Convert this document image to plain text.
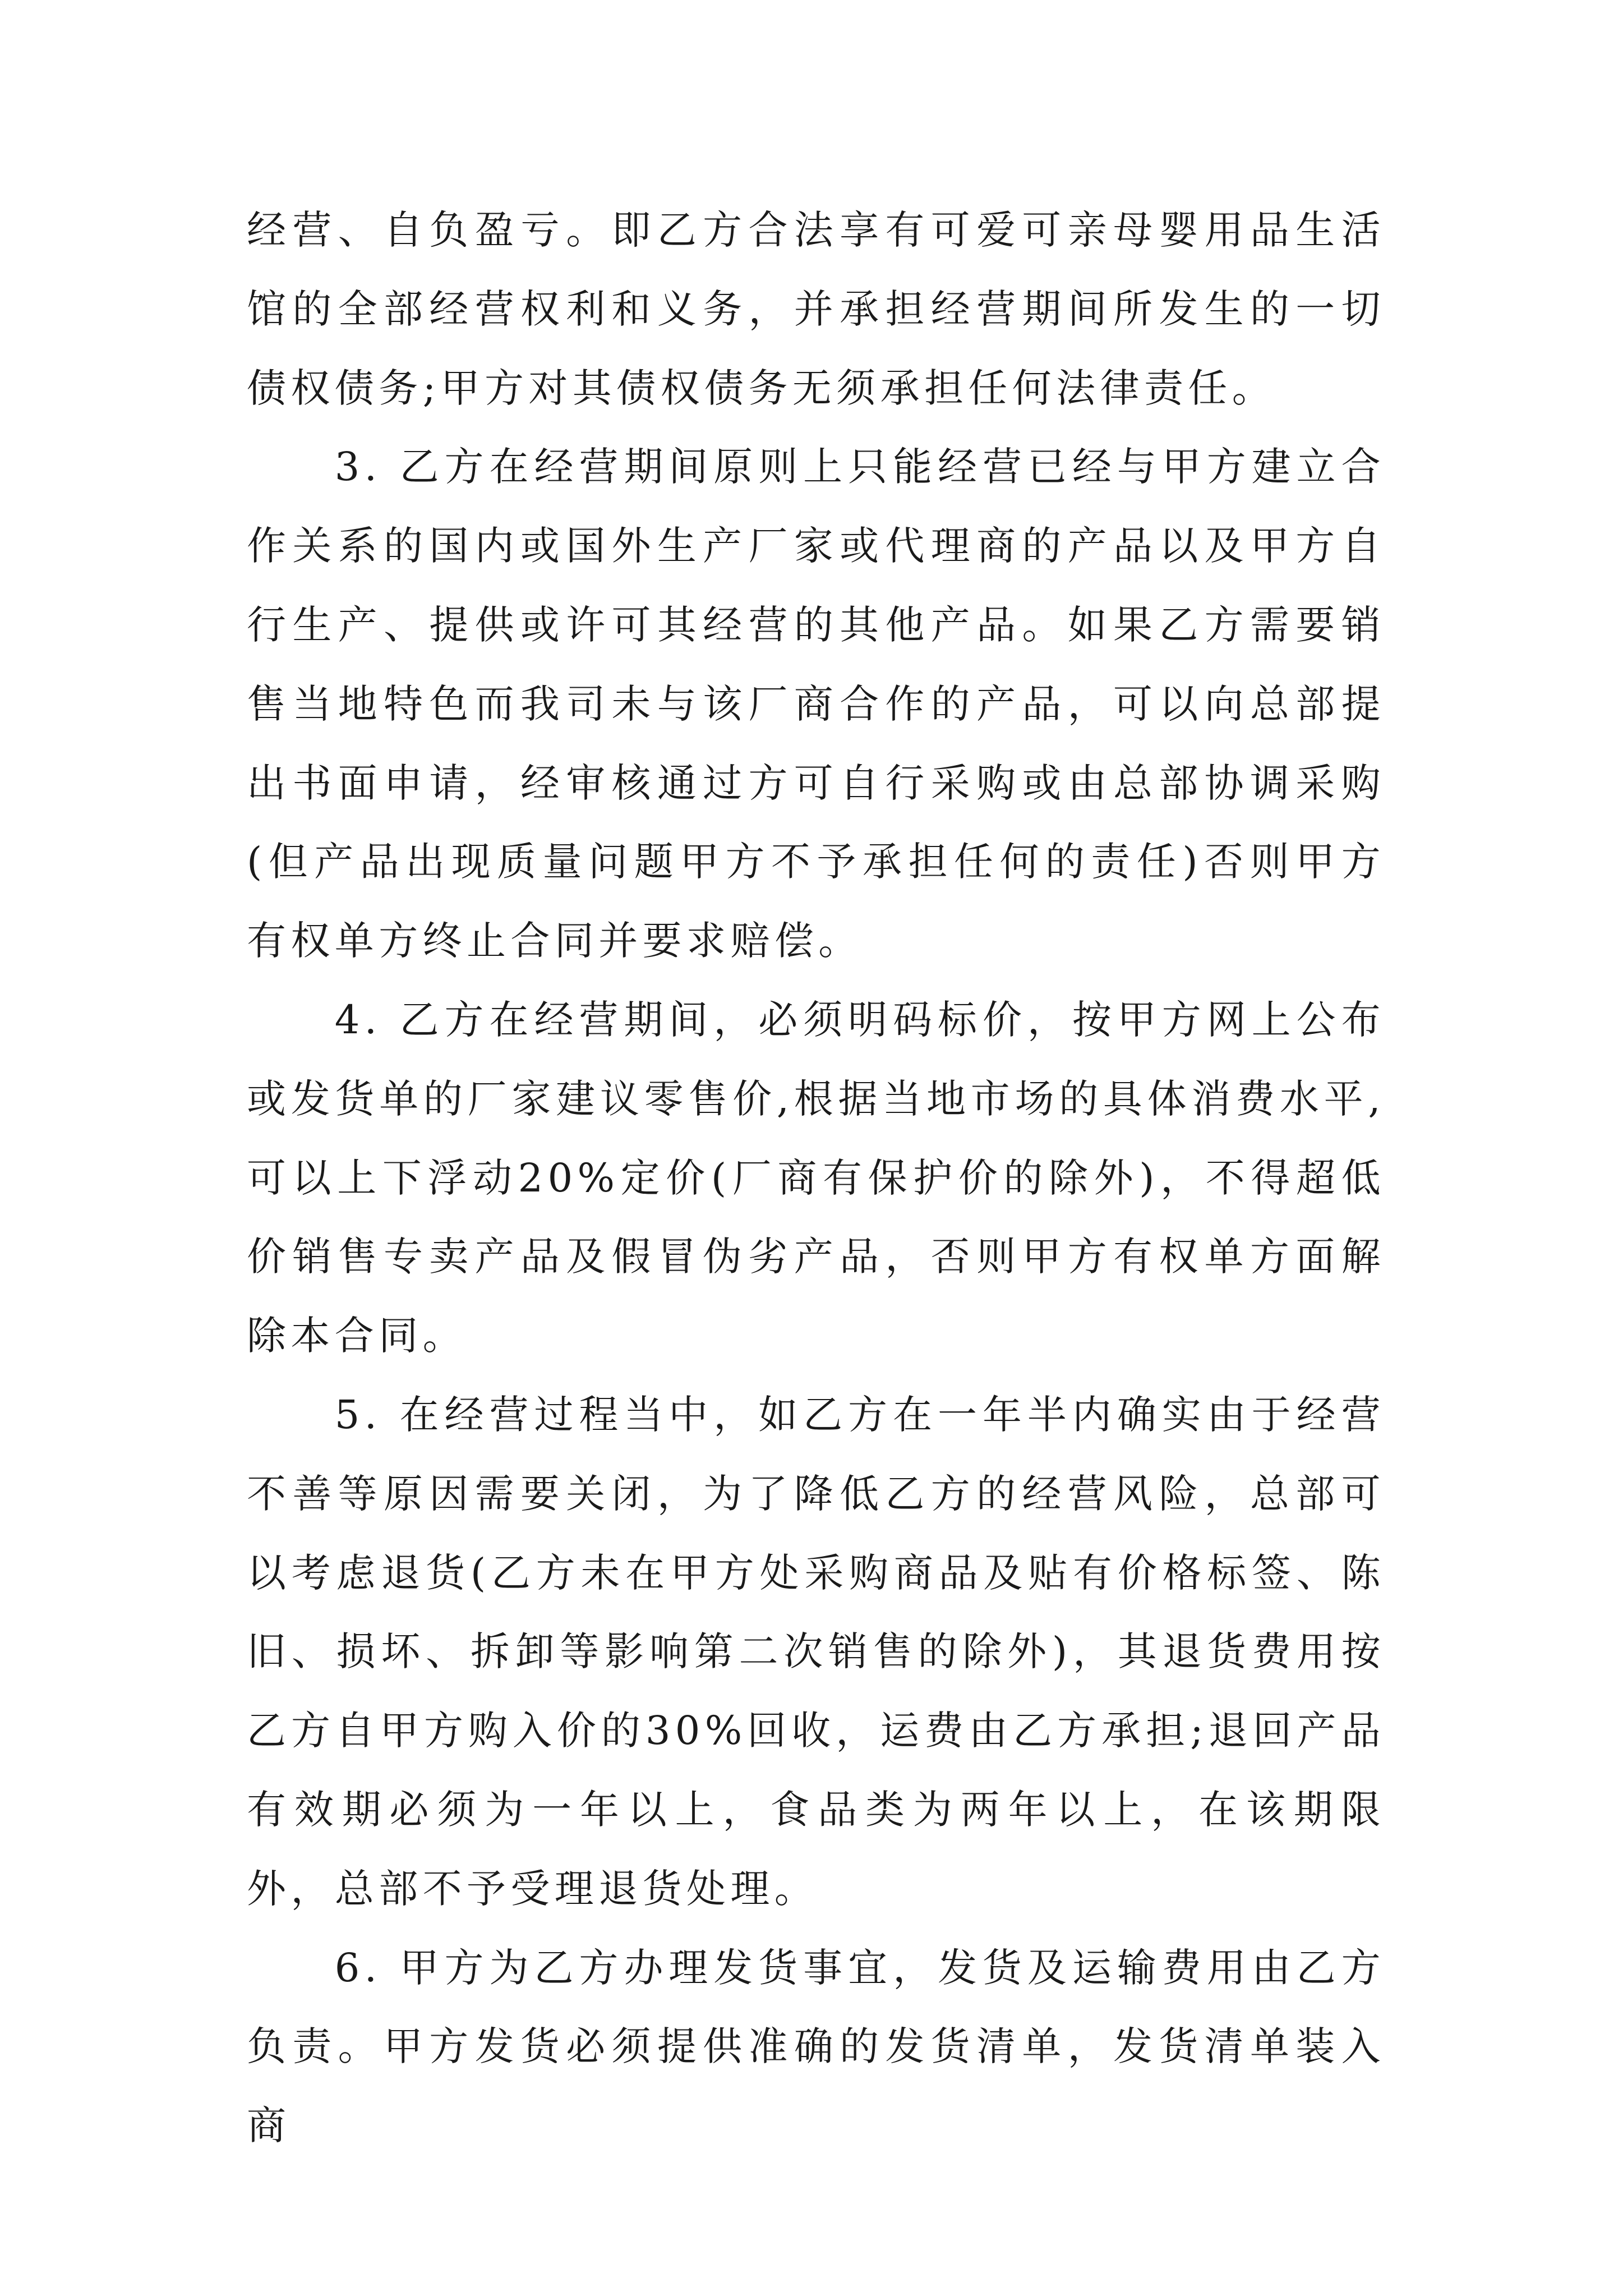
经营、自负盈亏。即乙方合法享有可爱可亲母婴用品生活馆的全部经营权利和义务，并承担经营期间所发生的一切债权债务;甲方对其债权债务无须承担任何法律责任。

3. 乙方在经营期间原则上只能经营已经与甲方建立合作关系的国内或国外生产厂家或代理商的产品以及甲方自行生产、提供或许可其经营的其他产品。如果乙方需要销售当地特色而我司未与该厂商合作的产品，可以向总部提出书面申请，经审核通过方可自行采购或由总部协调采购(但产品出现质量问题甲方不予承担任何的责任)否则甲方有权单方终止合同并要求赔偿。

4. 乙方在经营期间，必须明码标价，按甲方网上公布或发货单的厂家建议零售价,根据当地市场的具体消费水平,可以上下浮动20%定价(厂商有保护价的除外)，不得超低价销售专卖产品及假冒伪劣产品，否则甲方有权单方面解除本合同。

5. 在经营过程当中，如乙方在一年半内确实由于经营不善等原因需要关闭，为了降低乙方的经营风险，总部可以考虑退货(乙方未在甲方处采购商品及贴有价格标签、陈旧、损坏、拆卸等影响第二次销售的除外)，其退货费用按乙方自甲方购入价的30%回收，运费由乙方承担;退回产品有效期必须为一年以上，食品类为两年以上，在该期限外，总部不予受理退货处理。

6. 甲方为乙方办理发货事宜，发货及运输费用由乙方负责。甲方发货必须提供准确的发货清单，发货清单装入商
